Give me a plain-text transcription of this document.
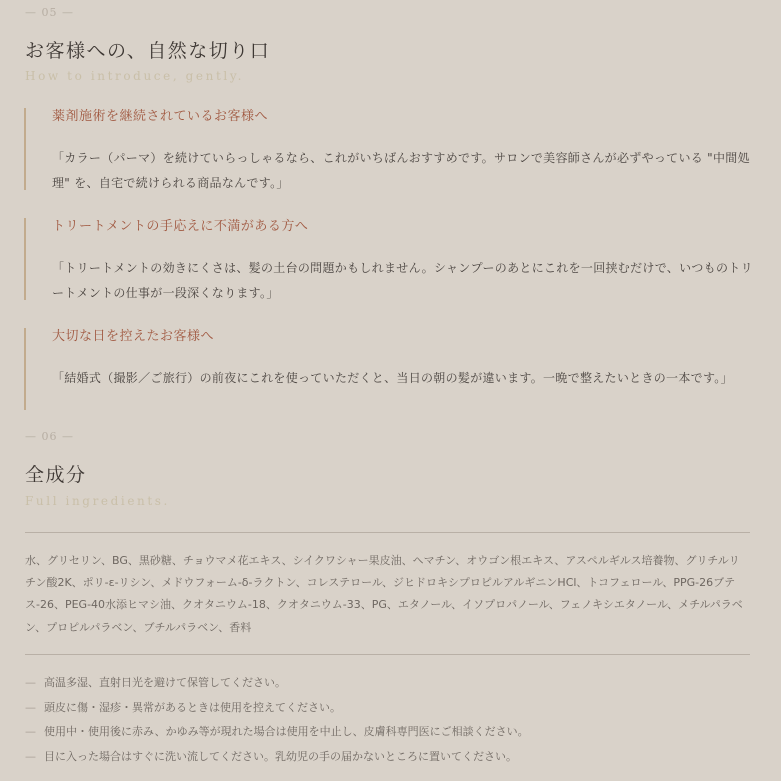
— 05 —
お客様への、自然な切り口
How to introduce, gently.

薬剤施術を継続されているお客様へ

「カラー（パーマ）を続けていらっしゃるなら、これがいちばんおすすめです。サロンで美容師さんが必ずやっている "中間処理" を、自宅で続けられる商品なんです。」

トリートメントの手応えに不満がある方へ

「トリートメントの効きにくさは、髪の土台の問題かもしれません。シャンプーのあとにこれを一回挟むだけで、いつものトリートメントの仕事が一段深くなります。」

大切な日を控えたお客様へ

「結婚式（撮影／ご旅行）の前夜にこれを使っていただくと、当日の朝の髪が違います。一晩で整えたいときの一本です。」

— 06 —
全成分
Full ingredients.

水、グリセリン、BG、黒砂糖、チョウマメ花エキス、シイクワシャー果皮油、ヘマチン、オウゴン根エキス、アスペルギルス培養物、グリチルリチン酸2K、ポリ-ε-リシン、メドウフォーム-δ-ラクトン、コレステロール、ジヒドロキシプロピルアルギニンHCl、トコフェロール、PPG-26ブテス-26、PEG-40水添ヒマシ油、クオタニウム-18、クオタニウム-33、PG、エタノール、イソプロパノール、フェノキシエタノール、メチルパラベン、プロピルパラベン、ブチルパラベン、香料

— 高温多湿、直射日光を避けて保管してください。
— 頭皮に傷・湿疹・異常があるときは使用を控えてください。
— 使用中・使用後に赤み、かゆみ等が現れた場合は使用を中止し、皮膚科専門医にご相談ください。
— 目に入った場合はすぐに洗い流してください。乳幼児の手の届かないところに置いてください。
